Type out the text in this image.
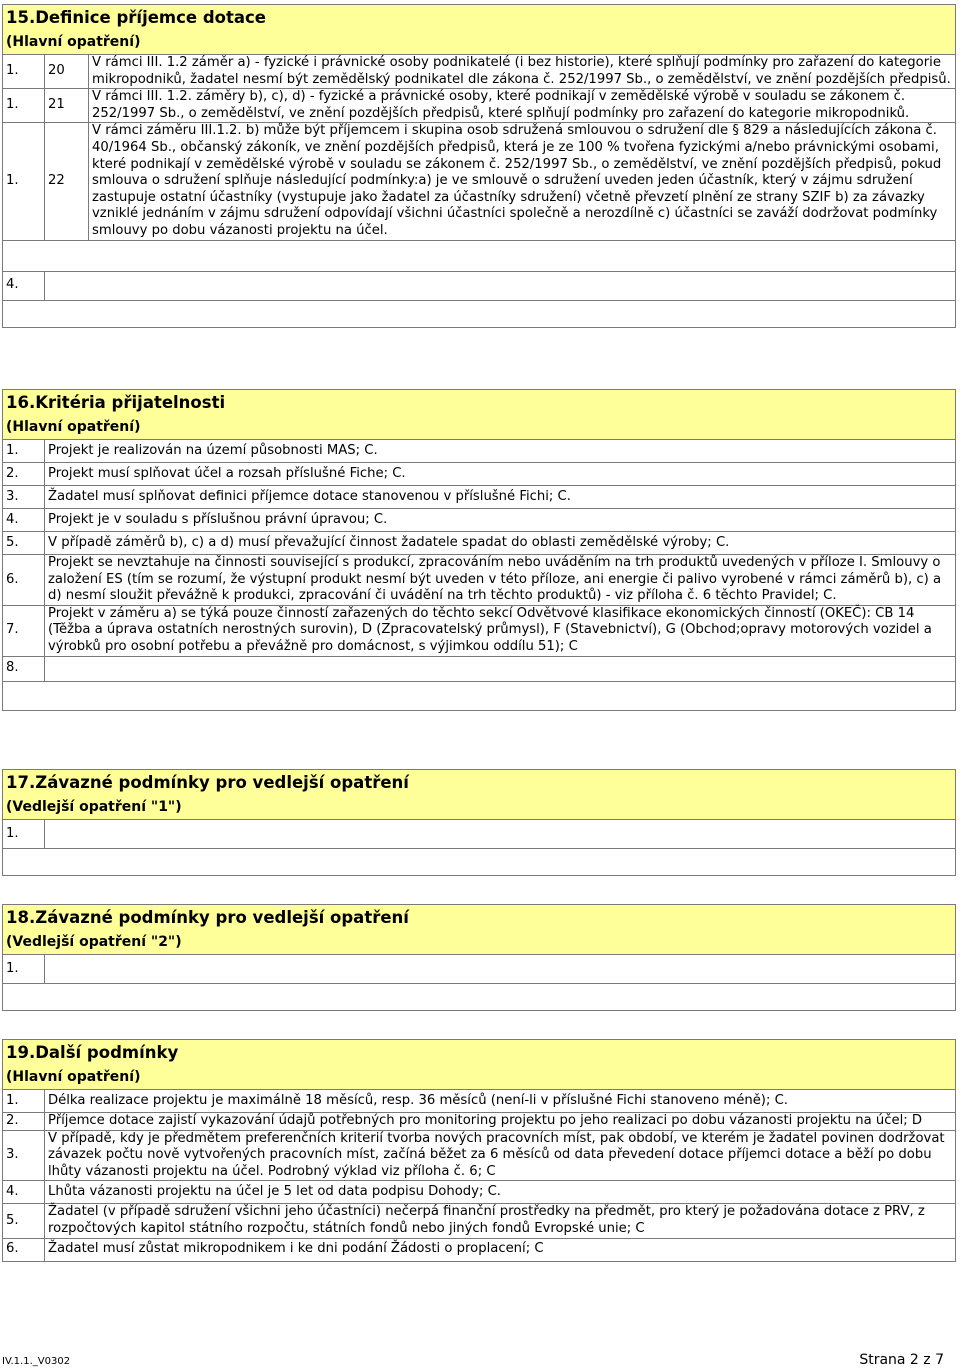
15.Definice příjemce dotace		
(Hlavní opatření)		
1.	20	V rámci III. 1.2 záměr a) - fyzické i právnické osoby podnikatelé (i bez historie), které splňují podmínky pro zařazení do kategorie mikropodniků, žadatel nesmí být zemědělský podnikatel dle zákona č. 252/1997 Sb., o zemědělství, ve znění pozdějších předpisů.
1.	21	V rámci III. 1.2. záměry b), c), d) - fyzické a právnické osoby, které podnikají v zemědělské výrobě v souladu se zákonem č. 252/1997 Sb., o zemědělství, ve znění pozdějších předpisů, které splňují podmínky pro zařazení do kategorie mikropodniků.
1.	22	V rámci záměru III.1.2. b) může být příjemcem i skupina osob sdružená smlouvou o sdružení dle § 829 a následujících zákona č. 40/1964 Sb., občanský zákoník, ve znění pozdějších předpisů, která je ze 100 % tvořena fyzickými a/nebo právnickými osobami, které podnikají v zemědělské výrobě v souladu se zákonem č. 252/1997 Sb., o zemědělství, ve znění pozdějších předpisů, pokud smlouva o sdružení splňuje následující podmínky:a) je ve smlouvě o sdružení uveden jeden účastník, který v zájmu sdružení zastupuje ostatní účastníky (vystupuje jako žadatel za účastníky sdružení) včetně převzetí plnění ze strany SZIF b) za závazky vzniklé jednáním v zájmu sdružení odpovídají všichni účastníci společně a nerozdílně c) účastníci se zaváží dodržovat podmínky smlouvy po dobu vázanosti projektu na účel.

4.		

16.Kritéria přijatelnosti	
(Hlavní opatření)	
1.	Projekt je realizován na území působnosti MAS; C.
2.	Projekt musí splňovat účel a rozsah příslušné Fiche; C.
3.	Žadatel musí splňovat definici příjemce dotace stanovenou v příslušné Fichi; C.
4.	Projekt je v souladu s příslušnou právní úpravou; C.
5.	V případě záměrů b), c) a d) musí převažující činnost žadatele spadat do oblasti zemědělské výroby; C.
6.	Projekt se nevztahuje na činnosti související s produkcí, zpracováním nebo uváděním na trh produktů uvedených v příloze I. Smlouvy o založení ES (tím se rozumí, že výstupní produkt nesmí být uveden v této příloze, ani energie či palivo vyrobené v rámci záměrů b), c) a d) nesmí sloužit převážně k produkci, zpracování či uvádění na trh těchto produktů) - viz příloha č. 6 těchto Pravidel; C.
7.	Projekt v záměru a) se týká pouze činností zařazených do těchto sekcí Odvětvové klasifikace ekonomických činností (OKEČ): CB 14 (Těžba a úprava ostatních nerostných surovin), D (Zpracovatelský průmysl), F (Stavebnictví), G (Obchod;opravy motorových vozidel a výrobků pro osobní potřebu a převážně pro domácnost, s výjimkou oddílu 51); C
8.	

17.Závazné podmínky pro vedlejší opatření
(Vedlejší opatření "1")
1.	

18.Závazné podmínky pro vedlejší opatření
(Vedlejší opatření "2")
1.	

19.Další podmínky	
(Hlavní opatření)	
1.	Délka realizace projektu je maximálně 18 měsíců, resp. 36 měsíců (není-li v příslušné Fichi stanoveno méně); C.
2.	Příjemce dotace zajistí vykazování údajů potřebných pro monitoring projektu po jeho realizaci po dobu vázanosti projektu na účel; D
3.	V případě, kdy je předmětem preferenčních kriterií tvorba nových pracovních míst, pak období, ve kterém je žadatel povinen dodržovat závazek počtu nově vytvořených pracovních míst, začíná běžet za 6 měsíců od data převedení dotace příjemci dotace a běží po dobu lhůty vázanosti projektu na účel. Podrobný výklad viz příloha č. 6; C
4.	Lhůta vázanosti projektu na účel je 5 let od data podpisu Dohody; C.
5.	Žadatel (v případě sdružení všichni jeho účastníci) nečerpá finanční prostředky na předmět, pro který je požadována dotace z PRV, z rozpočtových kapitol státního rozpočtu, státních fondů nebo jiných fondů Evropské unie; C
6.	Žadatel musí zůstat mikropodnikem i ke dni podání Žádosti o proplacení; C
IV.1.1._V0302	Strana 2 z 7
